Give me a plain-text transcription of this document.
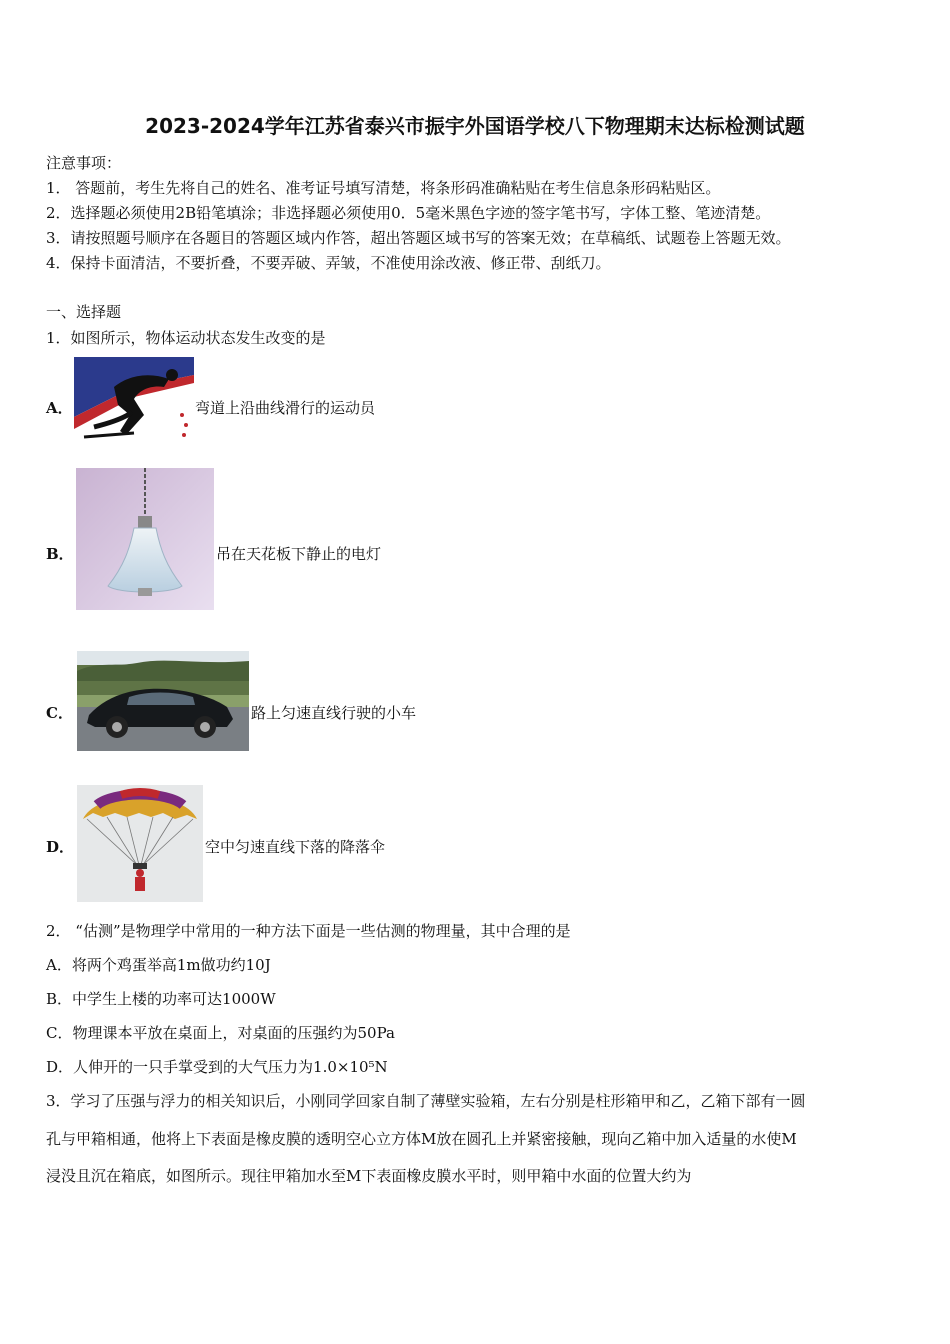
2023-2024学年江苏省泰兴市振宇外国语学校八下物理期末达标检测试题
注意事项：
1． 答题前，考生先将自己的姓名、准考证号填写清楚，将条形码准确粘贴在考生信息条形码粘贴区。
2．选择题必须使用2B铅笔填涂；非选择题必须使用0．5毫米黑色字迹的签字笔书写，字体工整、笔迹清楚。
3．请按照题号顺序在各题目的答题区域内作答，超出答题区域书写的答案无效；在草稿纸、试题卷上答题无效。
4．保持卡面清洁，不要折叠，不要弄破、弄皱，不准使用涂改液、修正带、刮纸刀。
一、选择题
1．如图所示，物体运动状态发生改变的是
A．	弯道上沿曲线滑行的运动员
B．	吊在天花板下静止的电灯
C．	路上匀速直线行驶的小车
D．	空中匀速直线下落的降落伞
2． “估测”是物理学中常用的一种方法下面是一些估测的物理量，其中合理的是
A．将两个鸡蛋举高1m做功约10J
B．中学生上楼的功率可达1000W
C．物理课本平放在桌面上，对桌面的压强约为50Pa
D．人伸开的一只手掌受到的大气压力为1.0×10⁵N
3．学习了压强与浮力的相关知识后，小刚同学回家自制了薄壁实验箱，左右分别是柱形箱甲和乙，乙箱下部有一圆
孔与甲箱相通，他将上下表面是橡皮膜的透明空心立方体M放在圆孔上并紧密接触，现向乙箱中加入适量的水使M
浸没且沉在箱底，如图所示。现往甲箱加水至M下表面橡皮膜水平时，则甲箱中水面的位置大约为
